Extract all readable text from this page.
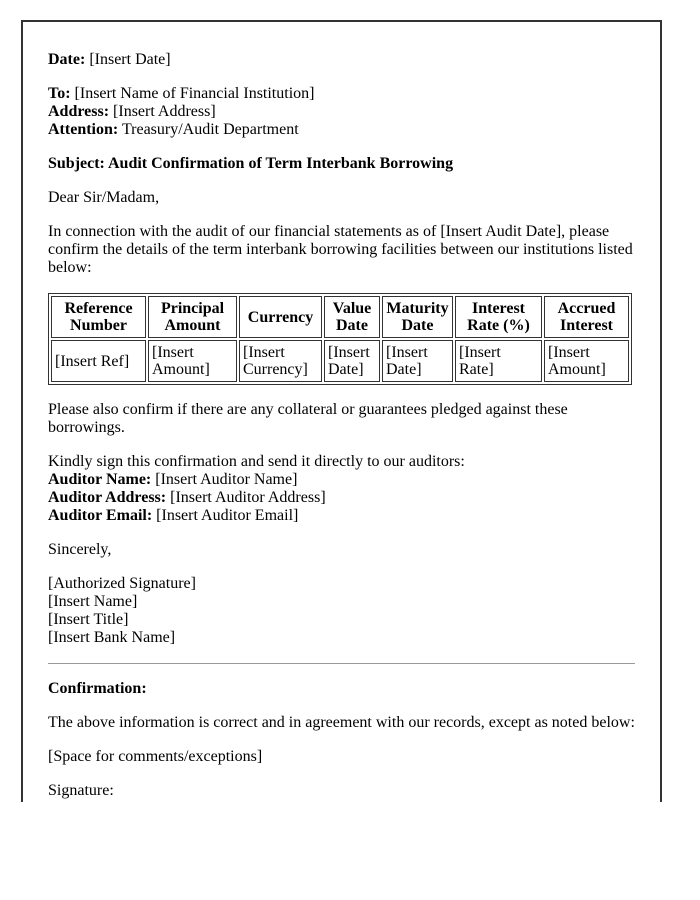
Date: [Insert Date]

To: [Insert Name of Financial Institution]
Address: [Insert Address]
Attention: Treasury/Audit Department

Subject: Audit Confirmation of Term Interbank Borrowing

Dear Sir/Madam,

In connection with the audit of our financial statements as of [Insert Audit Date], please confirm the details of the term interbank borrowing facilities between our institutions listed below:

Reference Number	Principal Amount	Currency	Value Date	Maturity Date	Interest Rate (%)	Accrued Interest
[Insert Ref]	[Insert Amount]	[Insert Currency]	[Insert Date]	[Insert Date]	[Insert Rate]	[Insert Amount]

Please also confirm if there are any collateral or guarantees pledged against these borrowings.

Kindly sign this confirmation and send it directly to our auditors:
Auditor Name: [Insert Auditor Name]
Auditor Address: [Insert Auditor Address]
Auditor Email: [Insert Auditor Email]

Sincerely,

[Authorized Signature]
[Insert Name]
[Insert Title]
[Insert Bank Name]

Confirmation:

The above information is correct and in agreement with our records, except as noted below:

[Space for comments/exceptions]

Signature:
